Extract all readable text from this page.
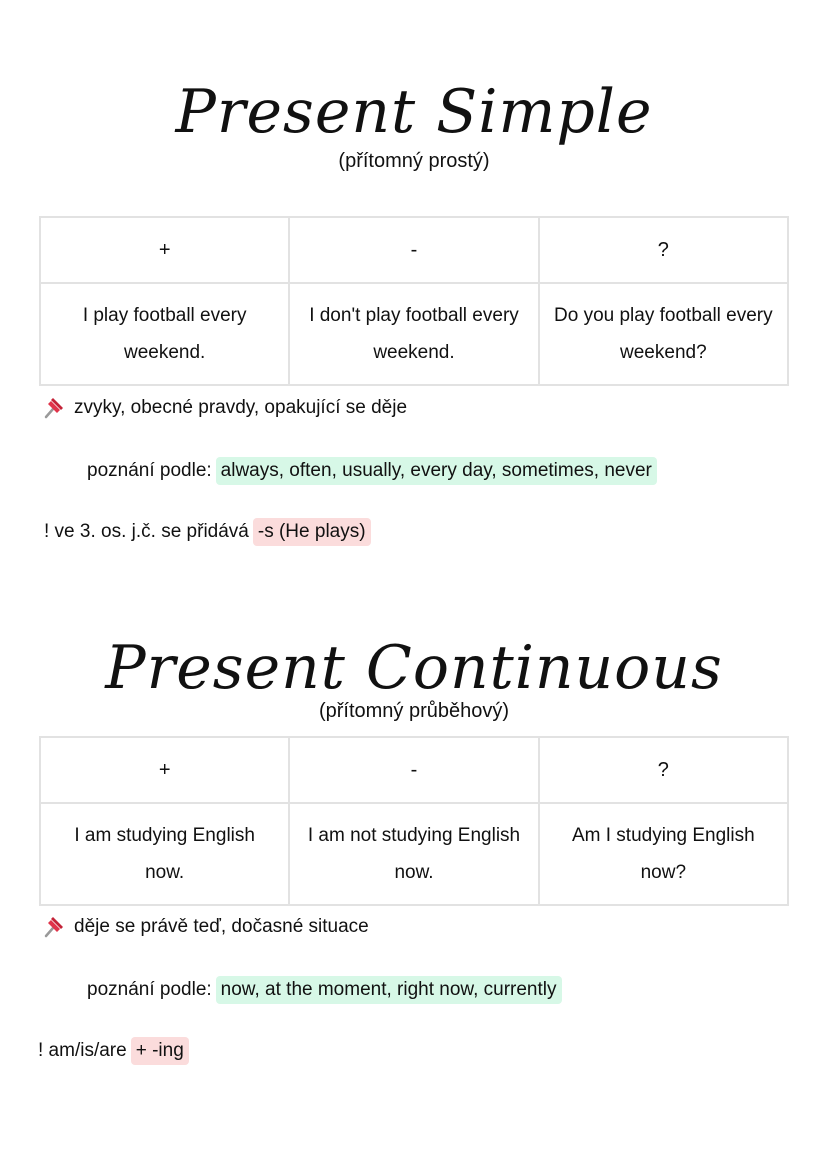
Present Simple
(přítomný prostý)
+	-	?
I play football every weekend.	I don't play football every weekend.	Do you play football every weekend?
zvyky, obecné pravdy, opakující se děje
poznání podle: always, often, usually, every day, sometimes, never
! ve 3. os. j.č. se přidává -s (He plays)
Present Continuous
(přítomný průběhový)
+	-	?
I am studying English now.	I am not studying English now.	Am I studying English now?
děje se právě teď, dočasné situace
poznání podle: now, at the moment, right now, currently
! am/is/are + -ing
